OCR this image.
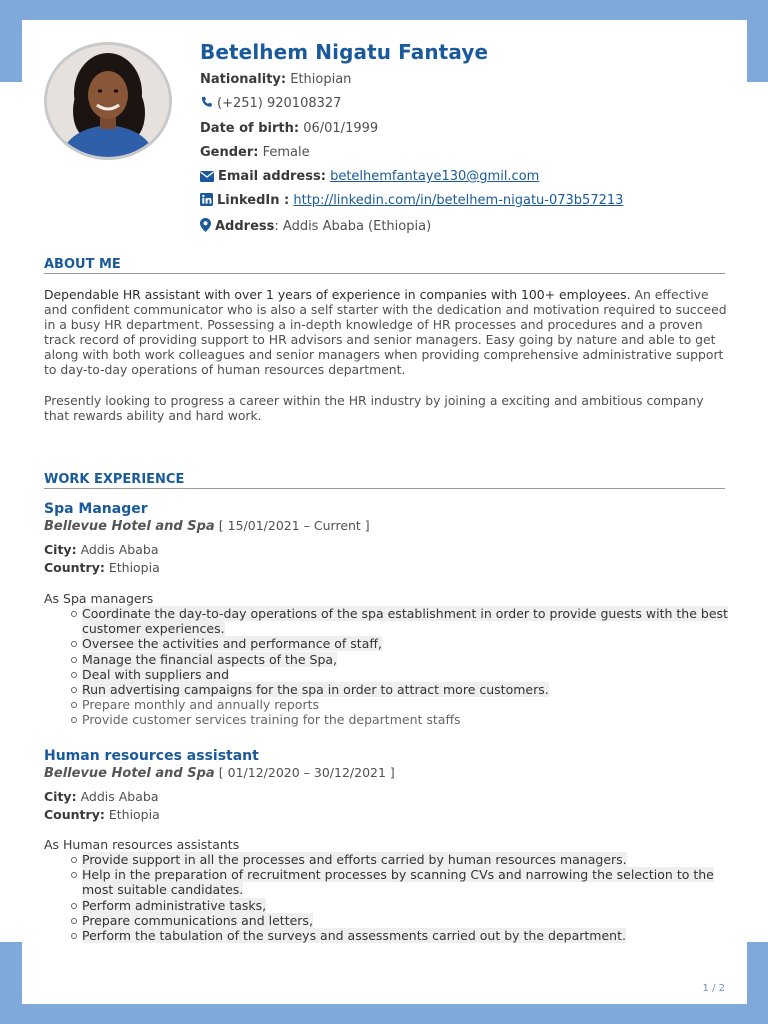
Betelhem Nigatu Fantaye
Nationality: Ethiopian
(+251) 920108327
Date of birth: 06/01/1999
Gender: Female
Email address: betelhemfantaye130@gmil.com
LinkedIn : http://linkedin.com/in/betelhem-nigatu-073b57213
Address: Addis Ababa (Ethiopia)
ABOUT ME
Dependable HR assistant with over 1 years of experience in companies with 100+ employees. An effective and confident communicator who is also a self starter with the dedication and motivation required to succeed in a busy HR department. Possessing a in-depth knowledge of HR processes and procedures and a proven track record of providing support to HR advisors and senior managers. Easy going by nature and able to get along with both work colleagues and senior managers when providing comprehensive administrative support to day-to-day operations of human resources department.
Presently looking to progress a career within the HR industry by joining a exciting and ambitious company that rewards ability and hard work.
WORK EXPERIENCE
Spa Manager
Bellevue Hotel and Spa [ 15/01/2021 – Current ]
City: Addis Ababa
Country: Ethiopia
As Spa managers
Coordinate the day-to-day operations of the spa establishment in order to provide guests with the best customer experiences.
Oversee the activities and performance of staff,
Manage the financial aspects of the Spa,
Deal with suppliers and
Run advertising campaigns for the spa in order to attract more customers.
Prepare monthly and annually reports
Provide customer services training for the department staffs
Human resources assistant
Bellevue Hotel and Spa [ 01/12/2020 – 30/12/2021 ]
City: Addis Ababa
Country: Ethiopia
As Human resources assistants
Provide support in all the processes and efforts carried by human resources managers.
Help in the preparation of recruitment processes by scanning CVs and narrowing the selection to the most suitable candidates.
Perform administrative tasks,
Prepare communications and letters,
Perform the tabulation of the surveys and assessments carried out by the department.
1 / 2
